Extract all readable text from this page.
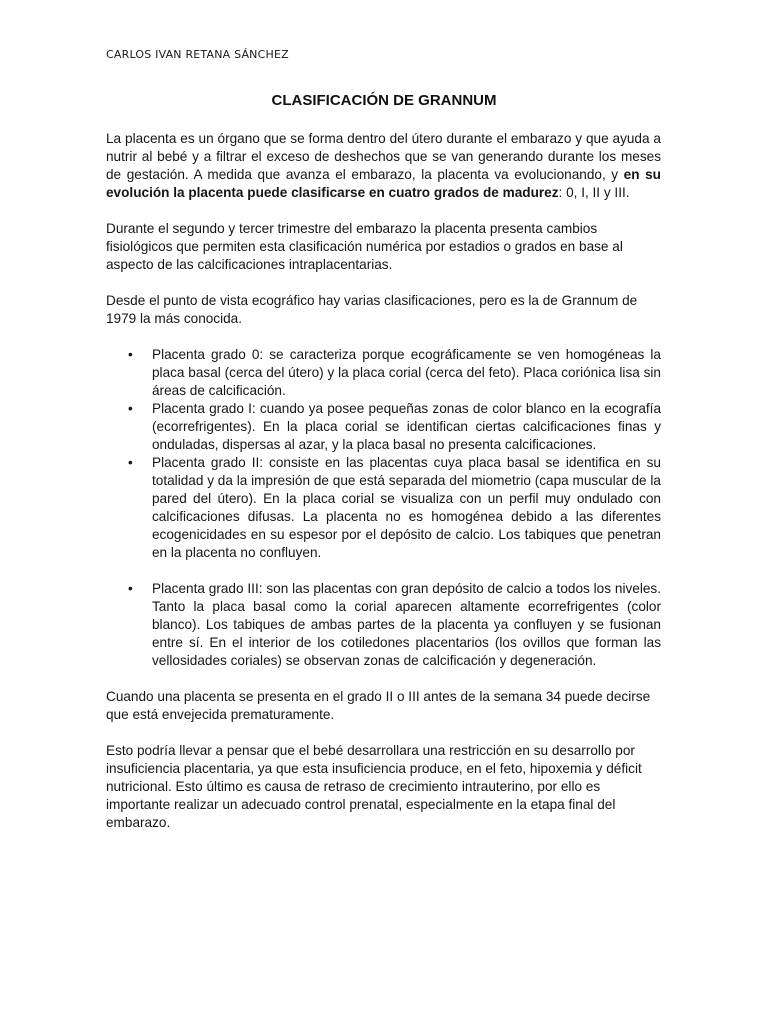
CARLOS IVAN RETANA SÁNCHEZ
CLASIFICACIÓN DE GRANNUM

La placenta es un órgano que se forma dentro del útero durante el embarazo y que ayuda a nutrir al bebé y a filtrar el exceso de deshechos que se van generando durante los meses de gestación. A medida que avanza el embarazo, la placenta va evolucionando, y en su evolución la placenta puede clasificarse en cuatro grados de madurez: 0, I, II y III.

Durante el segundo y tercer trimestre del embarazo la placenta presenta cambios fisiológicos que permiten esta clasificación numérica por estadios o grados en base al aspecto de las calcificaciones intraplacentarias.

Desde el punto de vista ecográfico hay varias clasificaciones, pero es la de Grannum de 1979 la más conocida.

• Placenta grado 0: se caracteriza porque ecográficamente se ven homogéneas la placa basal (cerca del útero) y la placa corial (cerca del feto). Placa coriónica lisa sin áreas de calcificación.
• Placenta grado I: cuando ya posee pequeñas zonas de color blanco en la ecografía (ecorrefrigentes). En la placa corial se identifican ciertas calcificaciones finas y onduladas, dispersas al azar, y la placa basal no presenta calcificaciones.
• Placenta grado II: consiste en las placentas cuya placa basal se identifica en su totalidad y da la impresión de que está separada del miometrio (capa muscular de la pared del útero). En la placa corial se visualiza con un perfil muy ondulado con calcificaciones difusas. La placenta no es homogénea debido a las diferentes ecogenicidades en su espesor por el depósito de calcio. Los tabiques que penetran en la placenta no confluyen.
• Placenta grado III: son las placentas con gran depósito de calcio a todos los niveles. Tanto la placa basal como la corial aparecen altamente ecorrefrigentes (color blanco). Los tabiques de ambas partes de la placenta ya confluyen y se fusionan entre sí. En el interior de los cotiledones placentarios (los ovillos que forman las vellosidades coriales) se observan zonas de calcificación y degeneración.

Cuando una placenta se presenta en el grado II o III antes de la semana 34 puede decirse que está envejecida prematuramente.

Esto podría llevar a pensar que el bebé desarrollara una restricción en su desarrollo por insuficiencia placentaria, ya que esta insuficiencia produce, en el feto, hipoxemia y déficit nutricional. Esto último es causa de retraso de crecimiento intrauterino, por ello es importante realizar un adecuado control prenatal, especialmente en la etapa final del embarazo.
